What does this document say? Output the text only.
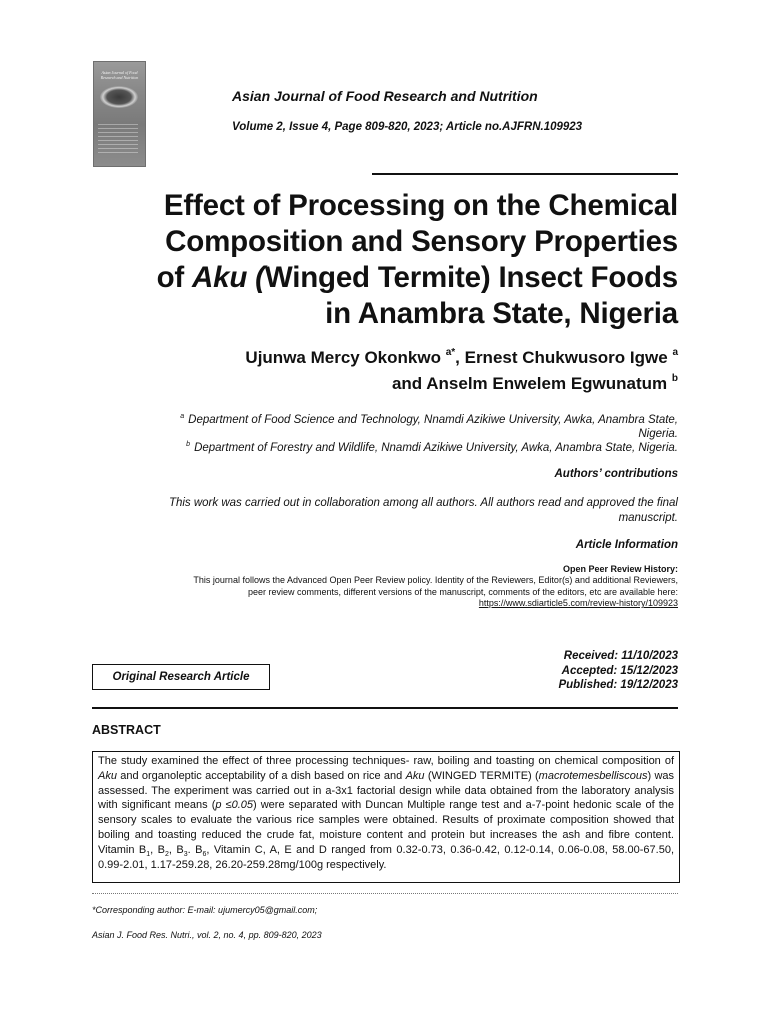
Asian Journal of Food Research and Nutrition
Asian Journal of Food Research and Nutrition
Volume 2, Issue 4, Page 809-820, 2023; Article no.AJFRN.109923
Effect of Processing on the Chemical
Composition and Sensory Properties
of Aku (Winged Termite) Insect Foods
in Anambra State, Nigeria
Ujunwa Mercy Okonkwo $^{a*}$, Ernest Chukwusoro Igwe $^a$
and Anselm Enwelem Egwunatum $^b$
$^a$ Department of Food Science and Technology, Nnamdi Azikiwe University, Awka, Anambra State,
Nigeria.
$^b$ Department of Forestry and Wildlife, Nnamdi Azikiwe University, Awka, Anambra State, Nigeria.
Authors’ contributions
This work was carried out in collaboration among all authors. All authors read and approved the final
manuscript.
Article Information
Open Peer Review History:
This journal follows the Advanced Open Peer Review policy. Identity of the Reviewers, Editor(s) and additional Reviewers,
peer review comments, different versions of the manuscript, comments of the editors, etc are available here:
https://www.sdiarticle5.com/review-history/109923
Original Research Article
Received: 11/10/2023
Accepted: 15/12/2023
Published: 19/12/2023
ABSTRACT

The study examined the effect of three processing techniques- raw, boiling and toasting on chemical composition of Aku and organoleptic acceptability of a dish based on rice and Aku (WINGED TERMITE) (macrotemesbelliscous) was assessed. The experiment was carried out in a-3x1 factorial design while data obtained from the laboratory analysis with significant means (p ≤0.05) were separated with Duncan Multiple range test and a-7-point hedonic scale of the sensory scales to evaluate the various rice samples were obtained. Results of proximate composition showed that boiling and toasting reduced the crude fat, moisture content and protein but increases the ash and fibre content. Vitamin $B_1$, $B_2$, $B_3$. $B_6$, Vitamin C, A, E and D ranged from 0.32-0.73, 0.36-0.42, 0.12-0.14, 0.06-0.08, 58.00-67.50, 0.99-2.01, 1.17-259.28, 26.20-259.28mg/100g respectively.

*Corresponding author: E-mail: ujumercy05@gmail.com;
Asian J. Food Res. Nutri., vol. 2, no. 4, pp. 809-820, 2023
